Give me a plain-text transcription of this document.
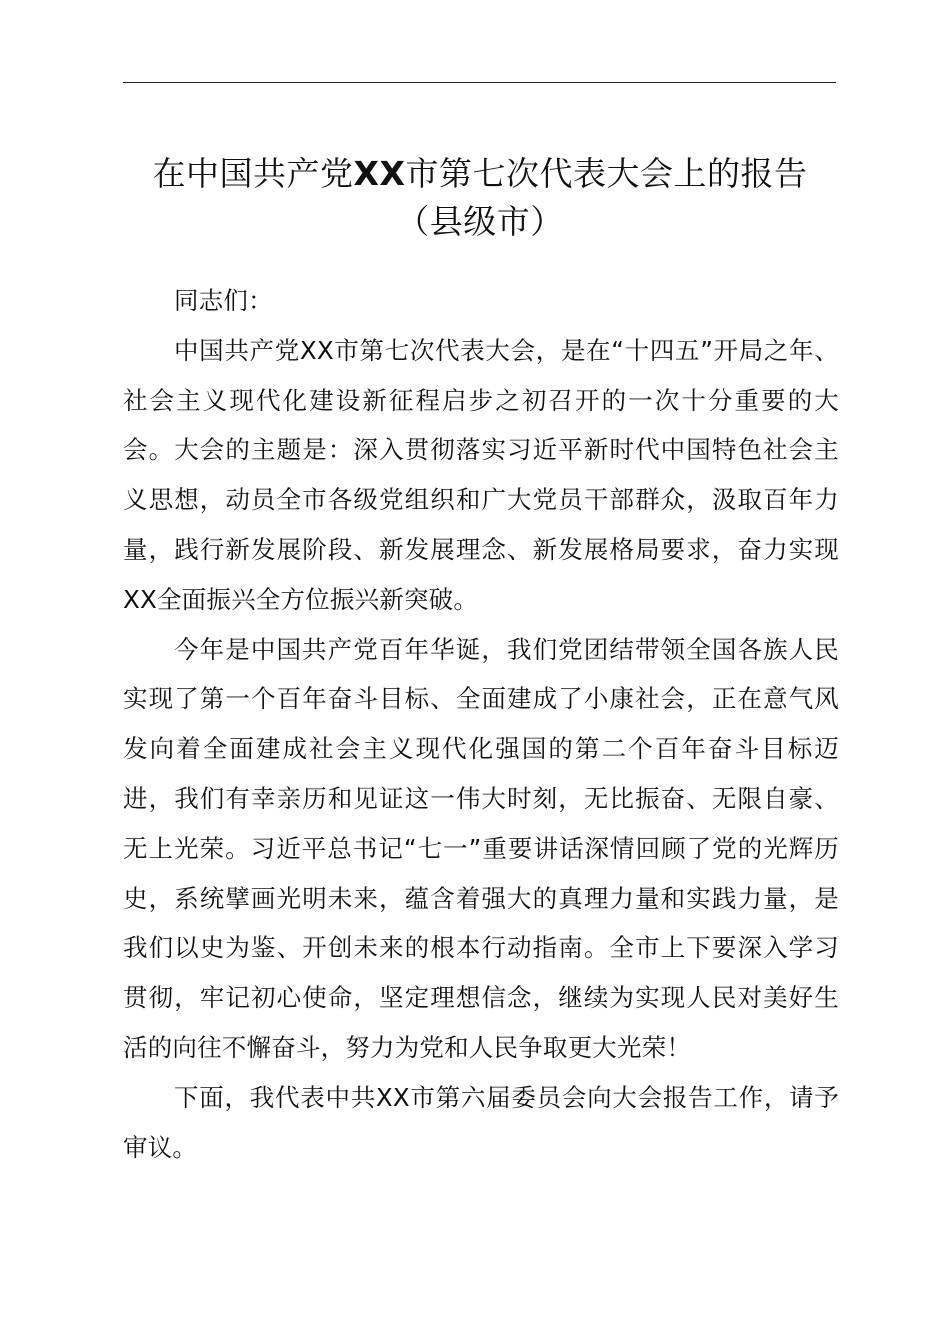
在中国共产党XX市第七次代表大会上的报告
（县级市）

同志们：

中国共产党XX市第七次代表大会，是在“十四五”开局之年、社会主义现代化建设新征程启步之初召开的一次十分重要的大会。大会的主题是：深入贯彻落实习近平新时代中国特色社会主义思想，动员全市各级党组织和广大党员干部群众，汲取百年力量，践行新发展阶段、新发展理念、新发展格局要求，奋力实现XX全面振兴全方位振兴新突破。

今年是中国共产党百年华诞，我们党团结带领全国各族人民实现了第一个百年奋斗目标、全面建成了小康社会，正在意气风发向着全面建成社会主义现代化强国的第二个百年奋斗目标迈进，我们有幸亲历和见证这一伟大时刻，无比振奋、无限自豪、无上光荣。习近平总书记“七一”重要讲话深情回顾了党的光辉历史，系统擘画光明未来，蕴含着强大的真理力量和实践力量，是我们以史为鉴、开创未来的根本行动指南。全市上下要深入学习贯彻，牢记初心使命，坚定理想信念，继续为实现人民对美好生活的向往不懈奋斗，努力为党和人民争取更大光荣！

下面，我代表中共XX市第六届委员会向大会报告工作，请予审议。
